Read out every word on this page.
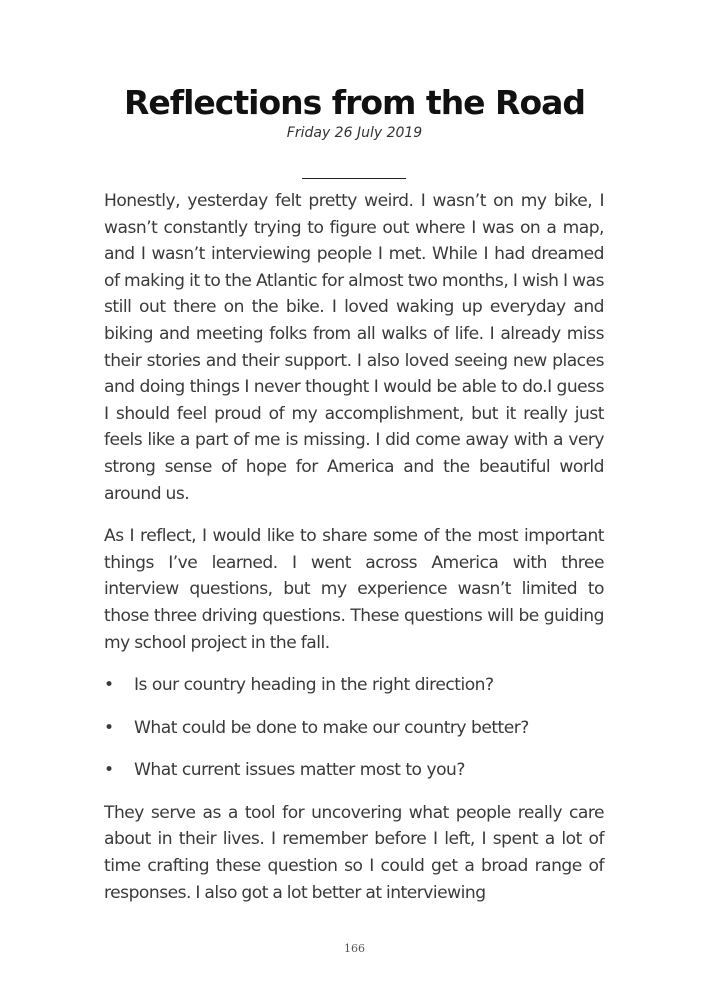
Reflections from the Road
Friday 26 July 2019

Honestly, yesterday felt pretty weird. I wasn’t on my bike, I wasn’t constantly trying to figure out where I was on a map, and I wasn’t interviewing people I met. While I had dreamed of making it to the Atlantic for almost two months, I wish I was still out there on the bike. I loved waking up everyday and biking and meeting folks from all walks of life. I already miss their stories and their support. I also loved seeing new places and doing things I never thought I would be able to do.I guess I should feel proud of my accomplishment, but it really just feels like a part of me is missing. I did come away with a very strong sense of hope for America and the beautiful world around us.

As I reflect, I would like to share some of the most important things I’ve learned. I went across America with three interview questions, but my experience wasn’t limited to those three driving questions. These questions will be guiding my school project in the fall.

• Is our country heading in the right direction?
• What could be done to make our country better?
• What current issues matter most to you?

They serve as a tool for uncovering what people really care about in their lives. I remember before I left, I spent a lot of time crafting these question so I could get a broad range of responses. I also got a lot better at interviewing

166
